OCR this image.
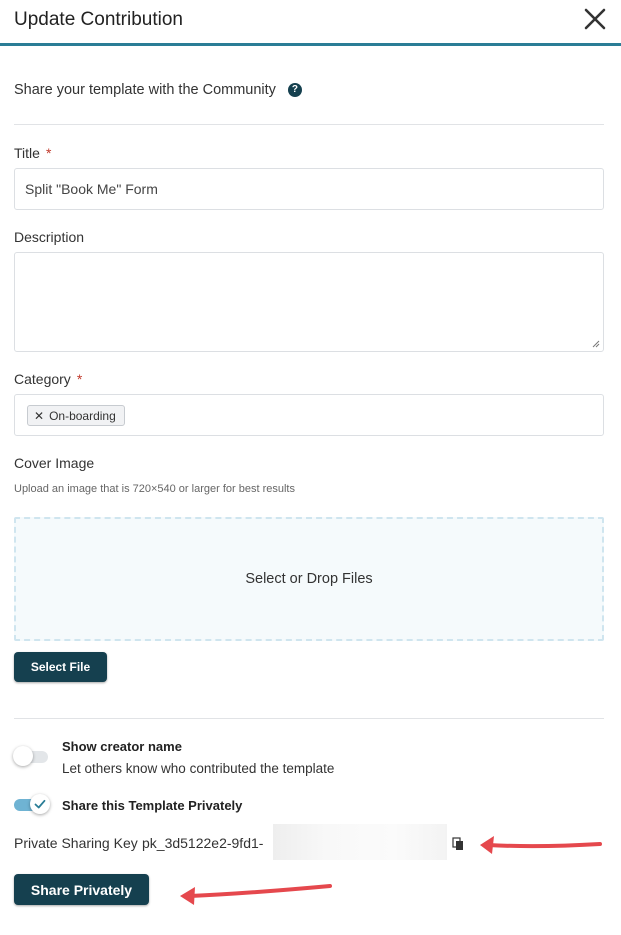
Update Contribution
Share your template with the Community	?
Title *
Split "Book Me" Form
Description
Category *
✕ On-boarding
Cover Image
Upload an image that is 720×540 or larger for best results
Select or Drop Files
Select File
Show creator name
Let others know who contributed the template
Share this Template Privately
Private Sharing Key pk_3d5122e2-9fd1-
Share Privately
